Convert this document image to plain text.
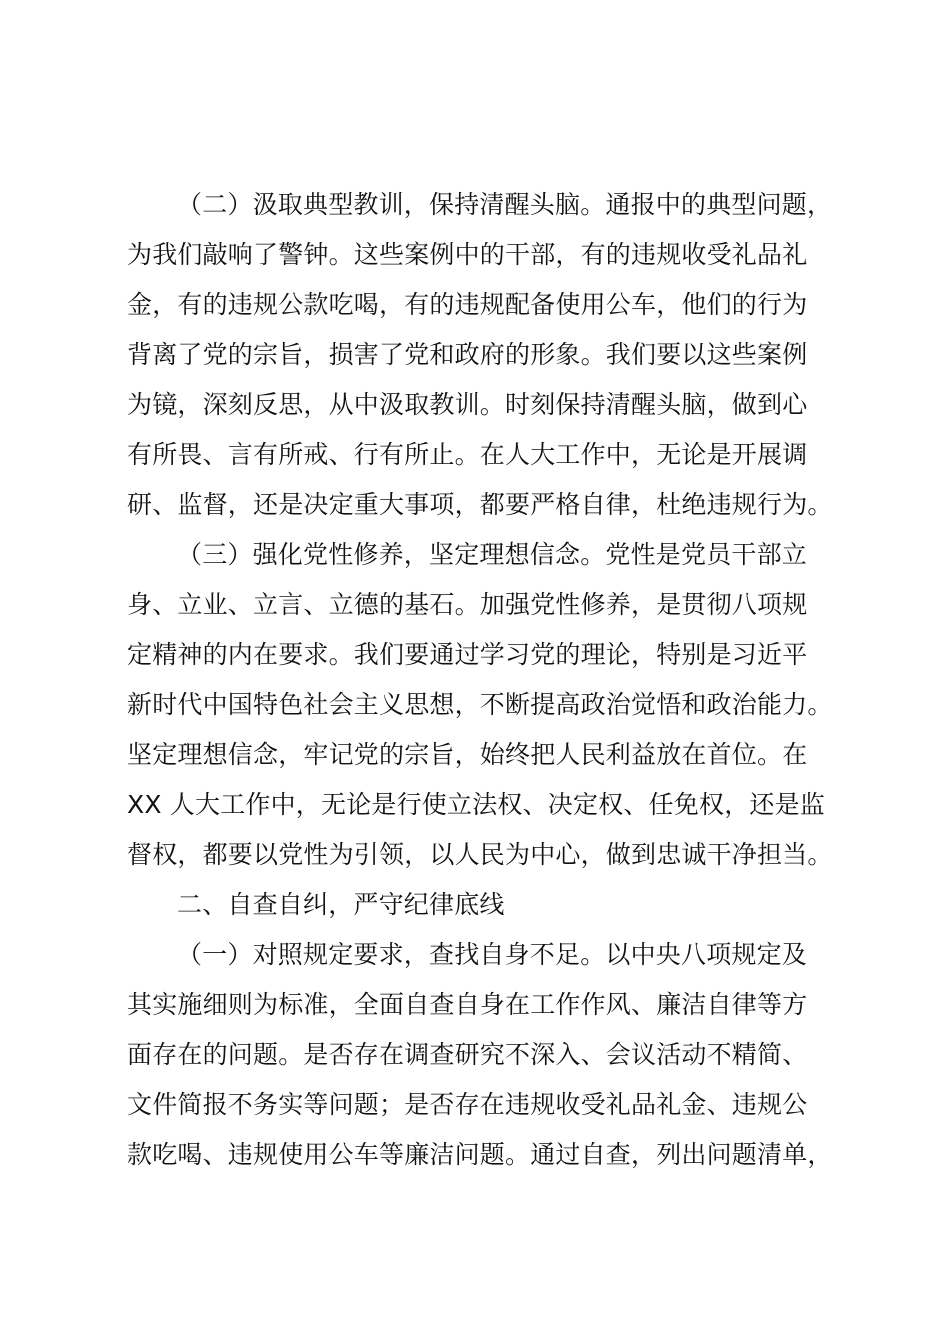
（二）汲取典型教训，保持清醒头脑。通报中的典型问题，
为我们敲响了警钟。这些案例中的干部，有的违规收受礼品礼
金，有的违规公款吃喝，有的违规配备使用公车，他们的行为
背离了党的宗旨，损害了党和政府的形象。我们要以这些案例
为镜，深刻反思，从中汲取教训。时刻保持清醒头脑，做到心
有所畏、言有所戒、行有所止。在人大工作中，无论是开展调
研、监督，还是决定重大事项，都要严格自律，杜绝违规行为。
（三）强化党性修养，坚定理想信念。党性是党员干部立
身、立业、立言、立德的基石。加强党性修养，是贯彻八项规
定精神的内在要求。我们要通过学习党的理论，特别是习近平
新时代中国特色社会主义思想，不断提高政治觉悟和政治能力。
坚定理想信念，牢记党的宗旨，始终把人民利益放在首位。在
XX 人大工作中，无论是行使立法权、决定权、任免权，还是监
督权，都要以党性为引领，以人民为中心，做到忠诚干净担当。
二、自查自纠，严守纪律底线
（一）对照规定要求，查找自身不足。以中央八项规定及
其实施细则为标准，全面自查自身在工作作风、廉洁自律等方
面存在的问题。是否存在调查研究不深入、会议活动不精简、
文件简报不务实等问题；是否存在违规收受礼品礼金、违规公
款吃喝、违规使用公车等廉洁问题。通过自查，列出问题清单，
